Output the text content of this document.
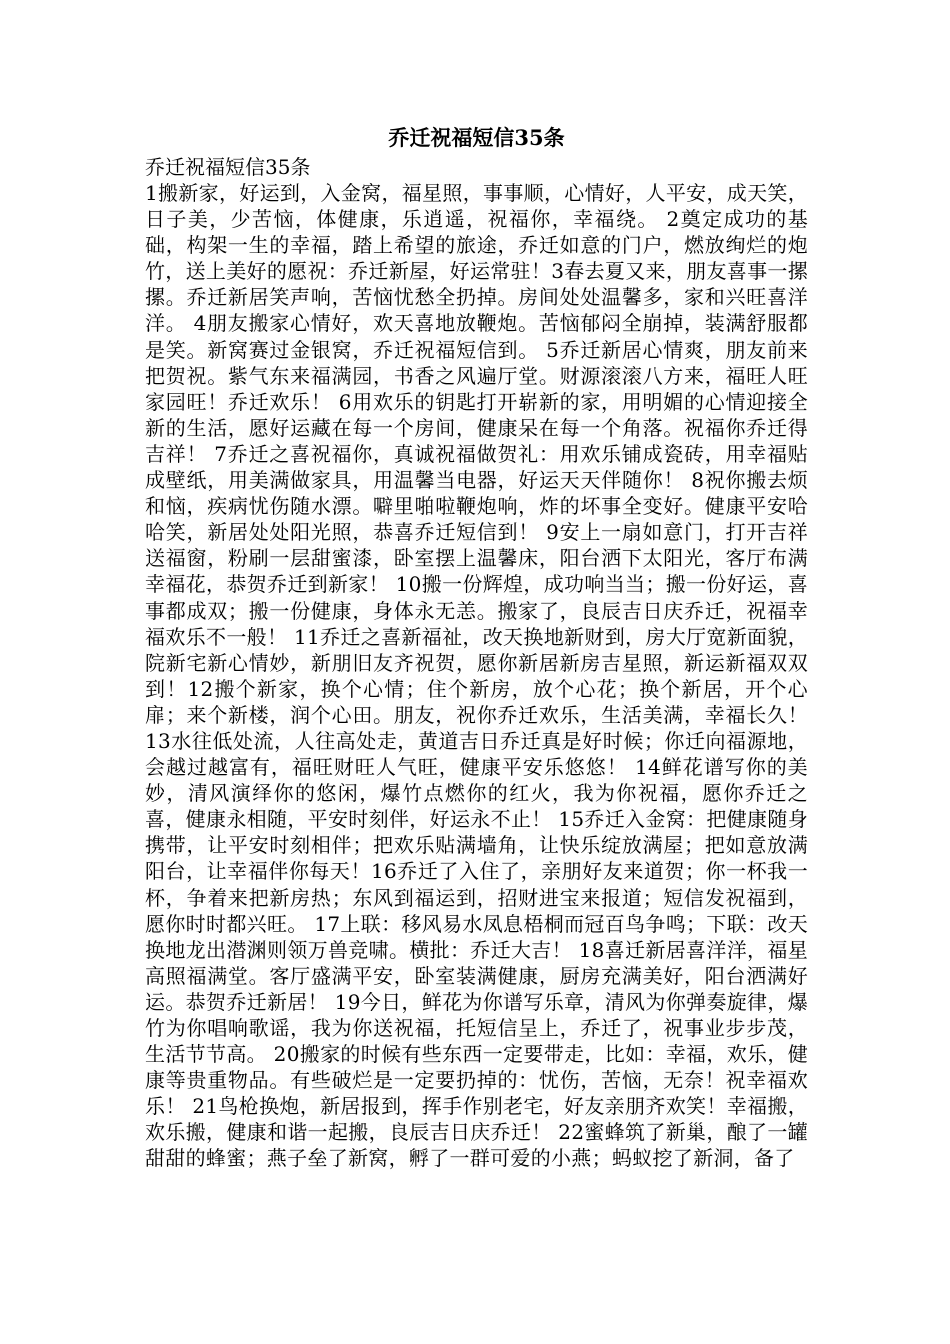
乔迁祝福短信35条

乔迁祝福短信35条

1搬新家，好运到，入金窝，福星照，事事顺，心情好，人平安，成天笑，日子美，少苦恼，体健康，乐逍遥，祝福你，幸福绕。 2奠定成功的基础，构架一生的幸福，踏上希望的旅途，乔迁如意的门户，燃放绚烂的炮竹，送上美好的愿祝：乔迁新屋，好运常驻！3春去夏又来，朋友喜事一摞摞。乔迁新居笑声响，苦恼忧愁全扔掉。房间处处温馨多，家和兴旺喜洋洋。 4朋友搬家心情好，欢天喜地放鞭炮。苦恼郁闷全崩掉，装满舒服都是笑。新窝赛过金银窝，乔迁祝福短信到。 5乔迁新居心情爽，朋友前来把贺祝。紫气东来福满园，书香之风遍厅堂。财源滚滚八方来，福旺人旺家园旺！乔迁欢乐！ 6用欢乐的钥匙打开崭新的家，用明媚的心情迎接全新的生活，愿好运藏在每一个房间，健康呆在每一个角落。祝福你乔迁得吉祥！ 7乔迁之喜祝福你，真诚祝福做贺礼：用欢乐铺成瓷砖，用幸福贴成壁纸，用美满做家具，用温馨当电器，好运天天伴随你！ 8祝你搬去烦和恼，疾病忧伤随水漂。噼里啪啦鞭炮响，炸的坏事全变好。健康平安哈哈笑，新居处处阳光照，恭喜乔迁短信到！ 9安上一扇如意门，打开吉祥送福窗，粉刷一层甜蜜漆，卧室摆上温馨床，阳台洒下太阳光，客厅布满幸福花，恭贺乔迁到新家！ 10搬一份辉煌，成功响当当；搬一份好运，喜事都成双；搬一份健康，身体永无恙。搬家了，良辰吉日庆乔迁，祝福幸福欢乐不一般！ 11乔迁之喜新福祉，改天换地新财到，房大厅宽新面貌，院新宅新心情妙，新朋旧友齐祝贺，愿你新居新房吉星照，新运新福双双到！12搬个新家，换个心情；住个新房，放个心花；换个新居，开个心扉；来个新楼，润个心田。朋友，祝你乔迁欢乐，生活美满，幸福长久！ 13水往低处流，人往高处走，黄道吉日乔迁真是好时候；你迁向福源地，会越过越富有，福旺财旺人气旺，健康平安乐悠悠！ 14鲜花谱写你的美妙，清风演绎你的悠闲，爆竹点燃你的红火，我为你祝福，愿你乔迁之喜，健康永相随，平安时刻伴，好运永不止！ 15乔迁入金窝：把健康随身携带，让平安时刻相伴；把欢乐贴满墙角，让快乐绽放满屋；把如意放满阳台，让幸福伴你每天！16乔迁了入住了，亲朋好友来道贺；你一杯我一杯，争着来把新房热；东风到福运到，招财进宝来报道；短信发祝福到，愿你时时都兴旺。 17上联：移风易水凤息梧桐而冠百鸟争鸣；下联：改天换地龙出潜渊则领万兽竞啸。横批：乔迁大吉！ 18喜迁新居喜洋洋，福星高照福满堂。客厅盛满平安，卧室装满健康，厨房充满美好，阳台洒满好运。恭贺乔迁新居！ 19今日，鲜花为你谱写乐章，清风为你弹奏旋律，爆竹为你唱响歌谣，我为你送祝福，托短信呈上，乔迁了，祝事业步步茂，生活节节高。 20搬家的时候有些东西一定要带走，比如：幸福，欢乐，健康等贵重物品。有些破烂是一定要扔掉的：忧伤，苦恼，无奈！祝幸福欢乐！ 21鸟枪换炮，新居报到，挥手作别老宅，好友亲朋齐欢笑！幸福搬，欢乐搬，健康和谐一起搬，良辰吉日庆乔迁！ 22蜜蜂筑了新巢，酿了一罐甜甜的蜂蜜；燕子垒了新窝，孵了一群可爱的小燕；蚂蚁挖了新洞，备了
